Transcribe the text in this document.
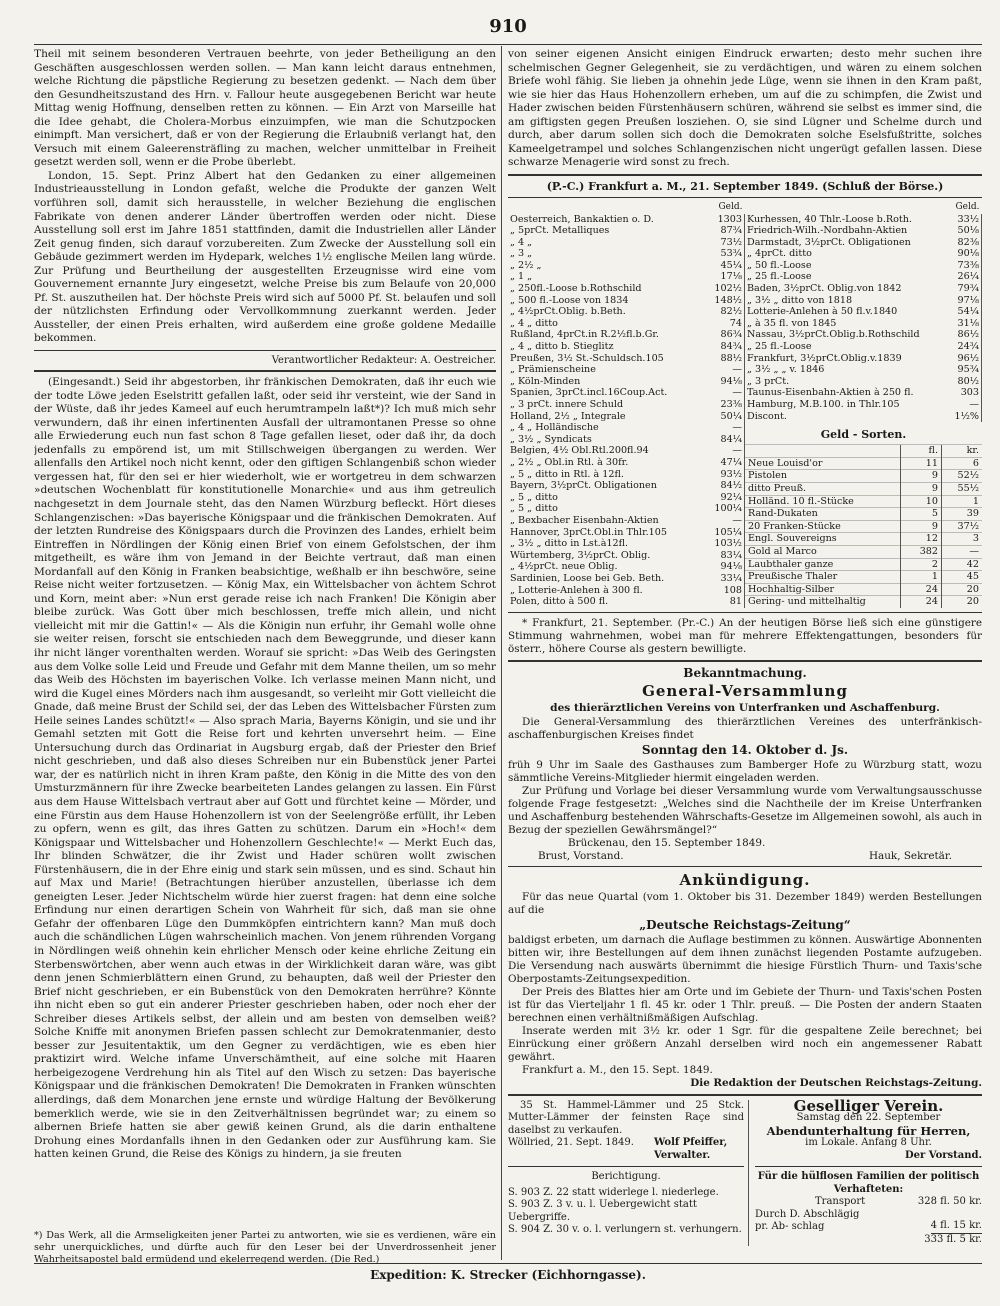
910

Theil mit seinem besonderen Vertrauen beehrte, von jeder Betheiligung an den Geschäften ausgeschlossen werden sollen. — Man kann leicht daraus entnehmen, welche Richtung die päpstliche Regierung zu besetzen gedenkt. — Nach dem über den Gesundheitszustand des Hrn. v. Fallour heute ausgegebenen Bericht war heute Mittag wenig Hoffnung, denselben retten zu können. — Ein Arzt von Marseille hat die Idee gehabt, die Cholera-Morbus einzuimpfen, wie man die Schutzpocken einimpft. Man versichert, daß er von der Regierung die Erlaubniß verlangt hat, den Versuch mit einem Galeerensträfling zu machen, welcher unmittelbar in Freiheit gesetzt werden soll, wenn er die Probe überlebt.

London, 15. Sept. Prinz Albert hat den Gedanken zu einer allgemeinen Industrieausstellung in London gefaßt, welche die Produkte der ganzen Welt vorführen soll, damit sich herausstelle, in welcher Beziehung die englischen Fabrikate von denen anderer Länder übertroffen werden oder nicht. Diese Ausstellung soll erst im Jahre 1851 stattfinden, damit die Industriellen aller Länder Zeit genug finden, sich darauf vorzubereiten. Zum Zwecke der Ausstellung soll ein Gebäude gezimmert werden im Hydepark, welches 1½ englische Meilen lang würde. Zur Prüfung und Beurtheilung der ausgestellten Erzeugnisse wird eine vom Gouvernement ernannte Jury eingesetzt, welche Preise bis zum Belaufe von 20,000 Pf. St. auszutheilen hat. Der höchste Preis wird sich auf 5000 Pf. St. belaufen und soll der nützlichsten Erfindung oder Vervollkommnung zuerkannt werden. Jeder Aussteller, der einen Preis erhalten, wird außerdem eine große goldene Medaille bekommen.

Verantwortlicher Redakteur: A. Oestreicher.

(Eingesandt.) Seid ihr abgestorben, ihr fränkischen Demokraten, daß ihr euch wie der todte Löwe jeden Eselstritt gefallen laßt, oder seid ihr versteint, wie der Sand in der Wüste, daß ihr jedes Kameel auf euch herumtrampeln laßt*)? Ich muß mich sehr verwundern, daß ihr einen infertinenten Ausfall der ultramontanen Presse so ohne alle Erwiederung euch nun fast schon 8 Tage gefallen lieset, oder daß ihr, da doch jedenfalls zu empörend ist, um mit Stillschweigen übergangen zu werden. Wer allenfalls den Artikel noch nicht kennt, oder den giftigen Schlangenbiß schon wieder vergessen hat, für den sei er hier wiederholt, wie er wortgetreu in dem schwarzen »deutschen Wochenblatt für konstitutionelle Monarchie« und aus ihm getreulich nachgesetzt in dem Journale steht, das den Namen Würzburg befleckt. Hört dieses Schlangenzischen: »Das bayerische Königspaar und die fränkischen Demokraten. Auf der letzten Rundreise des Königspaars durch die Provinzen des Landes, erhielt beim Eintreffen in Nördlingen der König einen Brief von einem Gefolstschen, der ihm mitgetheilt, es wäre ihm von Jemand in der Beichte vertraut, daß man einen Mordanfall auf den König in Franken beabsichtige, weßhalb er ihn beschwöre, seine Reise nicht weiter fortzusetzen. — König Max, ein Wittelsbacher von ächtem Schrot und Korn, meint aber: »Nun erst gerade reise ich nach Franken! Die Königin aber bleibe zurück. Was Gott über mich beschlossen, treffe mich allein, und nicht vielleicht mit mir die Gattin!« — Als die Königin nun erfuhr, ihr Gemahl wolle ohne sie weiter reisen, forscht sie entschieden nach dem Beweggrunde, und dieser kann ihr nicht länger vorenthalten werden. Worauf sie spricht: »Das Weib des Geringsten aus dem Volke solle Leid und Freude und Gefahr mit dem Manne theilen, um so mehr das Weib des Höchsten im bayerischen Volke. Ich verlasse meinen Mann nicht, und wird die Kugel eines Mörders nach ihm ausgesandt, so verleiht mir Gott vielleicht die Gnade, daß meine Brust der Schild sei, der das Leben des Wittelsbacher Fürsten zum Heile seines Landes schützt!« — Also sprach Maria, Bayerns Königin, und sie und ihr Gemahl setzten mit Gott die Reise fort und kehrten unversehrt heim. — Eine Untersuchung durch das Ordinariat in Augsburg ergab, daß der Priester den Brief nicht geschrieben, und daß also dieses Schreiben nur ein Bubenstück jener Partei war, der es natürlich nicht in ihren Kram paßte, den König in die Mitte des von den Umsturzmännern für ihre Zwecke bearbeiteten Landes gelangen zu lassen. Ein Fürst aus dem Hause Wittelsbach vertraut aber auf Gott und fürchtet keine — Mörder, und eine Fürstin aus dem Hause Hohenzollern ist von der Seelengröße erfüllt, ihr Leben zu opfern, wenn es gilt, das ihres Gatten zu schützen. Darum ein »Hoch!« dem Königspaar und Wittelsbacher und Hohenzollern Geschlechte!« — Merkt Euch das, Ihr blinden Schwätzer, die ihr Zwist und Hader schüren wollt zwischen Fürstenhäusern, die in der Ehre einig und stark sein müssen, und es sind. Schaut hin auf Max und Marie! (Betrachtungen hierüber anzustellen, überlasse ich dem geneigten Leser. Jeder Nichtschelm würde hier zuerst fragen: hat denn eine solche Erfindung nur einen derartigen Schein von Wahrheit für sich, daß man sie ohne Gefahr der offenbaren Lüge den Dummköpfen eintrichtern kann? Man muß doch auch die schändlichen Lügen wahrscheinlich machen. Von jenem rührenden Vorgang in Nördlingen weiß ohnehin kein ehrlicher Mensch oder keine ehrliche Zeitung ein Sterbenswörtchen, aber wenn auch etwas in der Wirklichkeit daran wäre, was gibt denn jenen Schmierblättern einen Grund, zu behaupten, daß weil der Priester den Brief nicht geschrieben, er ein Bubenstück von den Demokraten herrühre? Könnte ihn nicht eben so gut ein anderer Priester geschrieben haben, oder noch eher der Schreiber dieses Artikels selbst, der allein und am besten von demselben weiß? Solche Kniffe mit anonymen Briefen passen schlecht zur Demokratenmanier, desto besser zur Jesuitentaktik, um den Gegner zu verdächtigen, wie es eben hier praktizirt wird. Welche infame Unverschämtheit, auf eine solche mit Haaren herbeigezogene Verdrehung hin als Titel auf den Wisch zu setzen: Das bayerische Königspaar und die fränkischen Demokraten! Die Demokraten in Franken wünschten allerdings, daß dem Monarchen jene ernste und würdige Haltung der Bevölkerung bemerklich werde, wie sie in den Zeitverhältnissen begründet war; zu einem so albernen Briefe hatten sie aber gewiß keinen Grund, als die darin enthaltene Drohung eines Mordanfalls ihnen in den Gedanken oder zur Ausführung kam. Sie hatten keinen Grund, die Reise des Königs zu hindern, ja sie freuten

*) Das Werk, all die Armseligkeiten jener Partei zu antworten, wie sie es verdienen, wäre ein sehr unerquickliches, und dürfte auch für den Leser bei der Unverdrossenheit jener Wahrheitsapostel bald ermüdend und ekelerregend werden. (Die Red.)

von seiner eigenen Ansicht einigen Eindruck erwarten; desto mehr suchen ihre schelmischen Gegner Gelegenheit, sie zu verdächtigen, und wären zu einem solchen Briefe wohl fähig. Sie lieben ja ohnehin jede Lüge, wenn sie ihnen in den Kram paßt, wie sie hier das Haus Hohenzollern erheben, um auf die zu schimpfen, die Zwist und Hader zwischen beiden Fürstenhäusern schüren, während sie selbst es immer sind, die am giftigsten gegen Preußen losziehen. O, sie sind Lügner und Schelme durch und durch, aber darum sollen sich doch die Demokraten solche Eselsfußtritte, solches Kameelgetrampel und solches Schlangenzischen nicht ungerügt gefallen lassen. Diese schwarze Menagerie wird sonst zu frech.

(P.-C.) Frankfurt a. M., 21. September 1849. (Schluß der Börse.)
	Geld.
Oesterreich, Bankaktien o. D.	1303
„ 5prCt. Metalliques	87¾
„ 4 „	73½
„ 3 „	53¾
„ 2½ „	45¼
„ 1 „	17⅛
„ 250fl.-Loose b.Rothschild	102½
„ 500 fl.-Loose von 1834	148½
„ 4½prCt.Oblig. b.Beth.	82½
„ 4 „ ditto	74
Rußland, 4prCt.in R.2½fl.b.Gr.	86¾
„ 4 „ ditto b. Stieglitz	84¾
Preußen, 3½ St.-Schuldsch.105	88½
„ Prämienscheine	—
„ Köln-Minden	94⅛
Spanien, 3prCt.incl.16Coup.Act.	—
„ 3 prCt. innere Schuld	23⅜
Holland, 2½ „ Integrale	50¼
„ 4 „ Holländische	—
„ 3½ „ Syndicats	84¼
Belgien, 4½ Obl.Rtl.200fl.94	—
„ 2½ „ Obl.in Rtl. à 30fr.	47¼
„ 5 „ ditto in Rtl. à 12fl.	93½
Bayern, 3½prCt. Obligationen	84½
„ 5 „ ditto	92¼
„ 5 „ ditto	100¼
„ Bexbacher Eisenbahn-Aktien	—
Hannover, 3prCt.Obl.in Thlr.105	105¼
„ 3½ „ ditto in Lst.à12fl.	103½
Würtemberg, 3½prCt. Oblig.	83¼
„ 4½prCt. neue Oblig.	94⅛
Sardinien, Loose bei Geb. Beth.	33¼
„ Lotterie-Anlehen à 300 fl.	108
Polen, ditto à 500 fl.	81
	Geld.
Kurhessen, 40 Thlr.-Loose b.Roth.	33½
Friedrich-Wilh.-Nordbahn-Aktien	50⅛
Darmstadt, 3½prCt. Obligationen	82⅜
„ 4prCt. ditto	90⅛
„ 50 fl.-Loose	73⅜
„ 25 fl.-Loose	26¼
Baden, 3½prCt. Oblig.von 1842	79¾
„ 3½ „ ditto von 1818	97⅛
Lotterie-Anlehen à 50 fl.v.1840	54¼
„ à 35 fl. von 1845	31⅛
Nassau, 3½prCt.Oblig.b.Rothschild	86½
„ 25 fl.-Loose	24¾
Frankfurt, 3½prCt.Oblig.v.1839	96½
„ 3½ „ „ v. 1846	95¾
„ 3 prCt.	80½
Taunus-Eisenbahn-Aktien à 250 fl.	303
Hamburg, M.B.100. in Thlr.105	—
Discont.	1½%
Geld - Sorten.
	fl.	kr.
Neue Louisd'or	11	6
Pistolen	9	52½
ditto Preuß.	9	55½
Holländ. 10 fl.-Stücke	10	1
Rand-Dukaten	5	39
20 Franken-Stücke	9	37½
Engl. Souvereigns	12	3
Gold al Marco	382	—
Laubthaler ganze	2	42
Preußische Thaler	1	45
Hochhaltig-Silber	24	20
Gering- und mittelhaltig	24	20

* Frankfurt, 21. September. (Pr.-C.) An der heutigen Börse ließ sich eine günstigere Stimmung wahrnehmen, wobei man für mehrere Effektengattungen, besonders für österr., höhere Course als gestern bewilligte.

Bekanntmachung.
General-Versammlung
des thierärztlichen Vereins von Unterfranken und Aschaffenburg.

Die General-Versammlung des thierärztlichen Vereines des unterfränkisch-aschaffenburgischen Kreises findet

Sonntag den 14. Oktober d. Js.

früh 9 Uhr im Saale des Gasthauses zum Bamberger Hofe zu Würzburg statt, wozu sämmtliche Vereins-Mitglieder hiermit eingeladen werden.

Zur Prüfung und Vorlage bei dieser Versammlung wurde vom Verwaltungsausschusse folgende Frage festgesetzt: „Welches sind die Nachtheile der im Kreise Unterfranken und Aschaffenburg bestehenden Währschafts-Gesetze im Allgemeinen sowohl, als auch in Bezug der speziellen Gewährsmängel?“

Brückenau, den 15. September 1849.

Brust, Vorstand.	Hauk, Sekretär.
Ankündigung.

Für das neue Quartal (vom 1. Oktober bis 31. Dezember 1849) werden Bestellungen auf die

„Deutsche Reichstags-Zeitung“

baldigst erbeten, um darnach die Auflage bestimmen zu können. Auswärtige Abonnenten bitten wir, ihre Bestellungen auf dem ihnen zunächst liegenden Postamte aufzugeben. Die Versendung nach auswärts übernimmt die hiesige Fürstlich Thurn- und Taxis'sche Oberpostamts-Zeitungsexpedition.

Der Preis des Blattes hier am Orte und im Gebiete der Thurn- und Taxis'schen Posten ist für das Vierteljahr 1 fl. 45 kr. oder 1 Thlr. preuß. — Die Posten der andern Staaten berechnen einen verhältnißmäßigen Aufschlag.

Inserate werden mit 3½ kr. oder 1 Sgr. für die gespaltene Zeile berechnet; bei Einrückung einer größern Anzahl derselben wird noch ein angemessener Rabatt gewährt.

Frankfurt a. M., den 15. Sept. 1849.

Die Redaktion der Deutschen Reichstags-Zeitung.

35 St. Hammel-Lämmer und 25 Stck. Mutter-Lämmer der feinsten Raçe sind daselbst zu verkaufen.
Wöllried, 21. Sept. 1849. Wolf Pfeiffer, Verwalter.
Berichtigung.
S. 903 Z. 22 statt widerlege l. niederlege.
S. 903 Z. 3 v. u. l. Uebergewicht statt Uebergriffe.
S. 904 Z. 30 v. o. l. verlungern st. verhungern.
Geselliger Verein.
Samstag den 22. September
Abendunterhaltung für Herren,
im Lokale. Anfang 8 Uhr.
Der Vorstand.
Für die hülflosen Familien der politisch Verhafteten:
Transport	328 fl. 50 kr.
Durch D. Abschlägig pr. Ab- schlag	4 fl. 15 kr.
333 fl. 5 kr.
Expedition: K. Strecker (Eichhorngasse).
